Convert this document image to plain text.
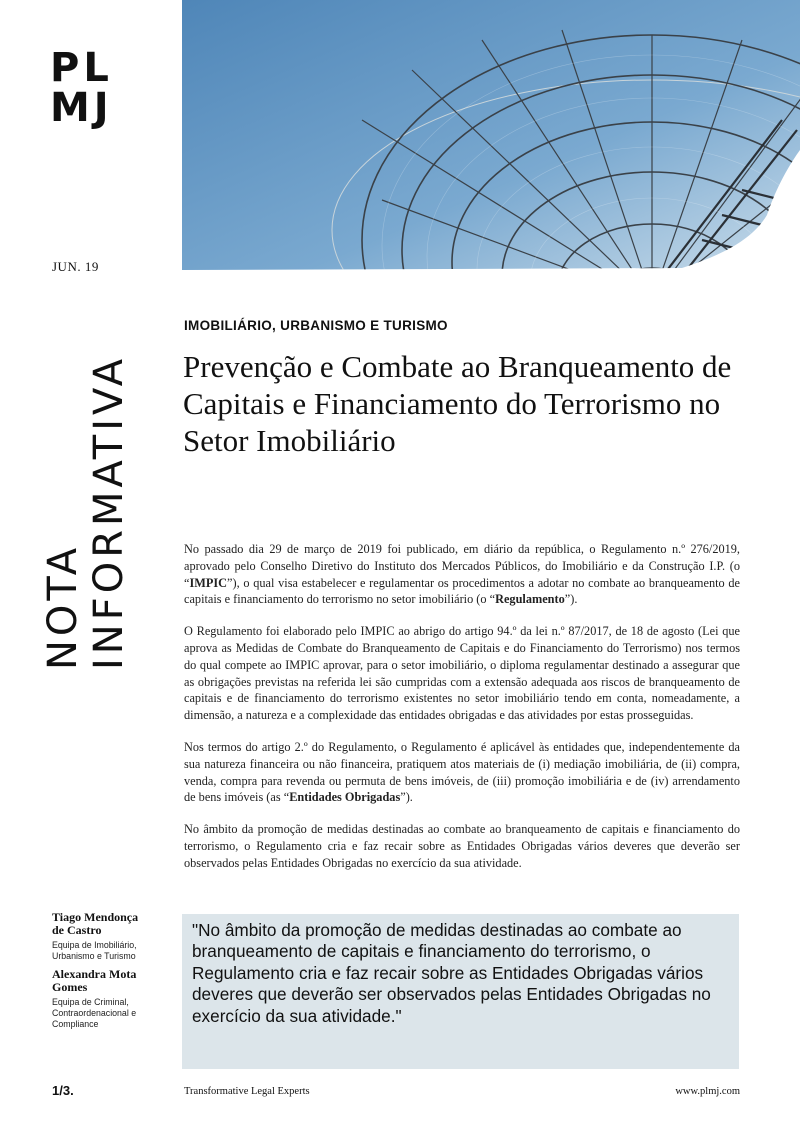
PL
MJ
JUN. 19
NOTA INFORMATIVA
IMOBILIÁRIO, URBANISMO E TURISMO
Prevenção e Combate ao Branqueamento de Capitais e Financiamento do Terrorismo no Setor Imobiliário

No passado dia 29 de março de 2019 foi publicado, em diário da república, o Regulamento n.º 276/2019, aprovado pelo Conselho Diretivo do Instituto dos Mercados Públicos, do Imobiliário e da Construção I.P. (o “IMPIC”), o qual visa estabelecer e regulamentar os procedimentos a adotar no combate ao branqueamento de capitais e financiamento do terrorismo no setor imobiliário (o “Regulamento”).

O Regulamento foi elaborado pelo IMPIC ao abrigo do artigo 94.º da lei n.º 87/2017, de 18 de agosto (Lei que aprova as Medidas de Combate do Branqueamento de Capitais e do Financiamento do Terrorismo) nos termos do qual compete ao IMPIC aprovar, para o setor imobiliário, o diploma regulamentar destinado a assegurar que as obrigações previstas na referida lei são cumpridas com a extensão adequada aos riscos de branqueamento de capitais e de financiamento do terrorismo existentes no setor imobiliário tendo em conta, nomeadamente, a dimensão, a natureza e a complexidade das entidades obrigadas e das atividades por estas prosseguidas.

Nos termos do artigo 2.º do Regulamento, o Regulamento é aplicável às entidades que, independentemente da sua natureza financeira ou não financeira, pratiquem atos materiais de (i) mediação imobiliária, de (ii) compra, venda, compra para revenda ou permuta de bens imóveis, de (iii) promoção imobiliária e de (iv) arrendamento de bens imóveis (as “Entidades Obrigadas”).

No âmbito da promoção de medidas destinadas ao combate ao branqueamento de capitais e financiamento do terrorismo, o Regulamento cria e faz recair sobre as Entidades Obrigadas vários deveres que deverão ser observados pelas Entidades Obrigadas no exercício da sua atividade.

Tiago Mendonça de Castro
Equipa de Imobiliário, Urbanismo e Turismo
Alexandra Mota Gomes
Equipa de Criminal, Contraordenacional e Compliance

"No âmbito da promoção de medidas destinadas ao combate ao branqueamento de capitais e financiamento do terrorismo, o Regulamento cria e faz recair sobre as Entidades Obrigadas vários deveres que deverão ser observados pelas Entidades Obrigadas no exercício da sua atividade."

1/3.	Transformative Legal Experts	www.plmj.com
